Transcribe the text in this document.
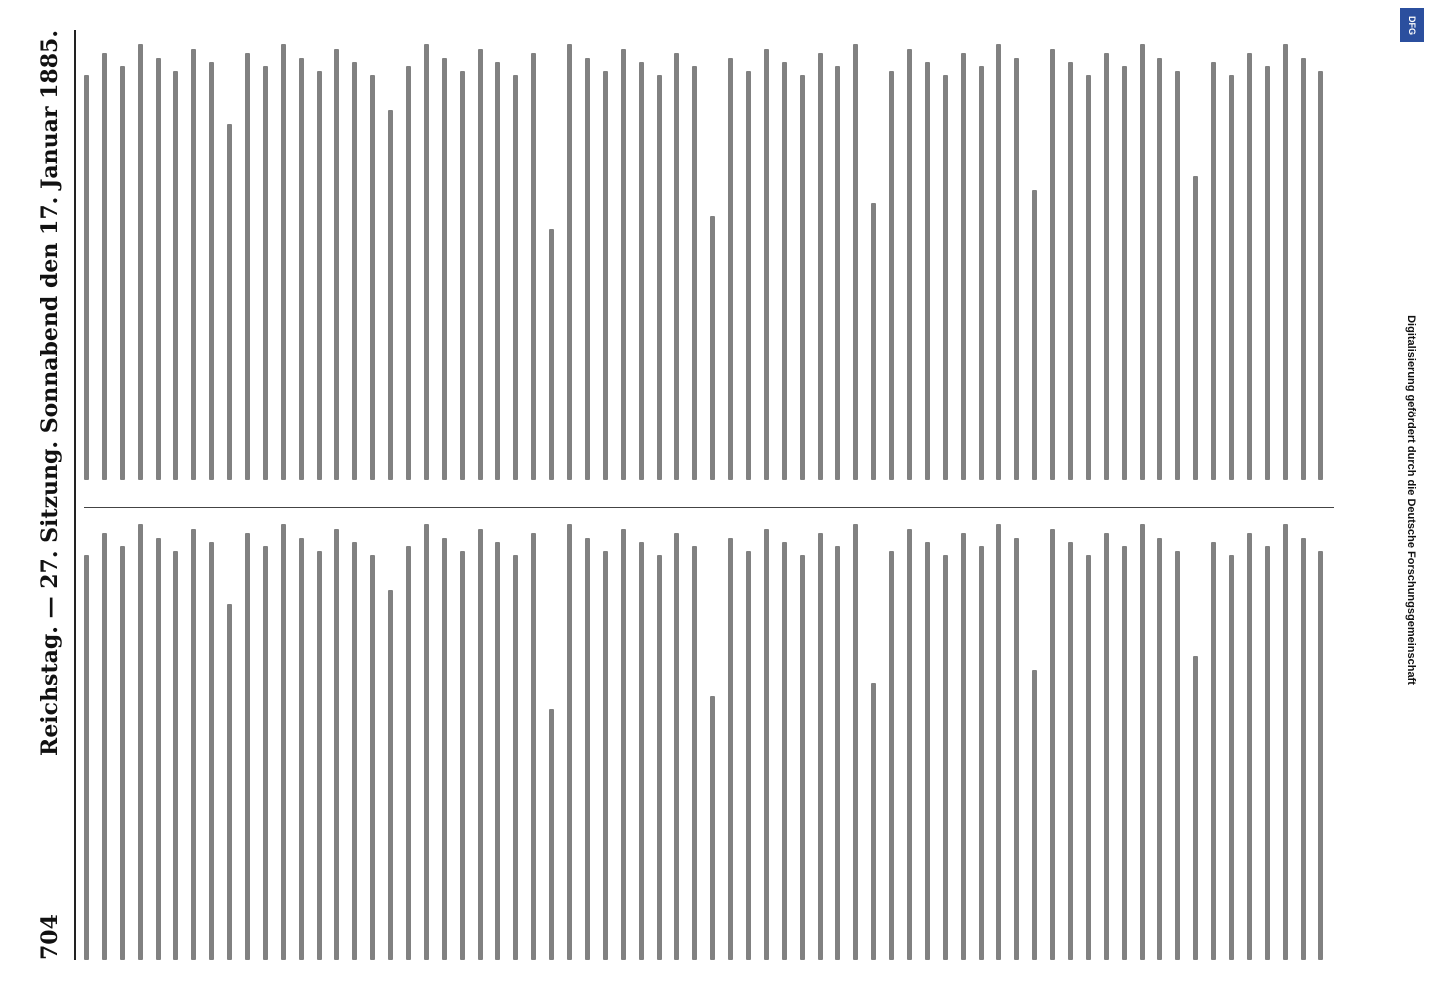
704
Reichstag. — 27. Sitzung. Sonnabend den 17. Januar 1885.	Digitalisierung gefördert durch die Deutsche Forschungsgemeinschaft
DFG
